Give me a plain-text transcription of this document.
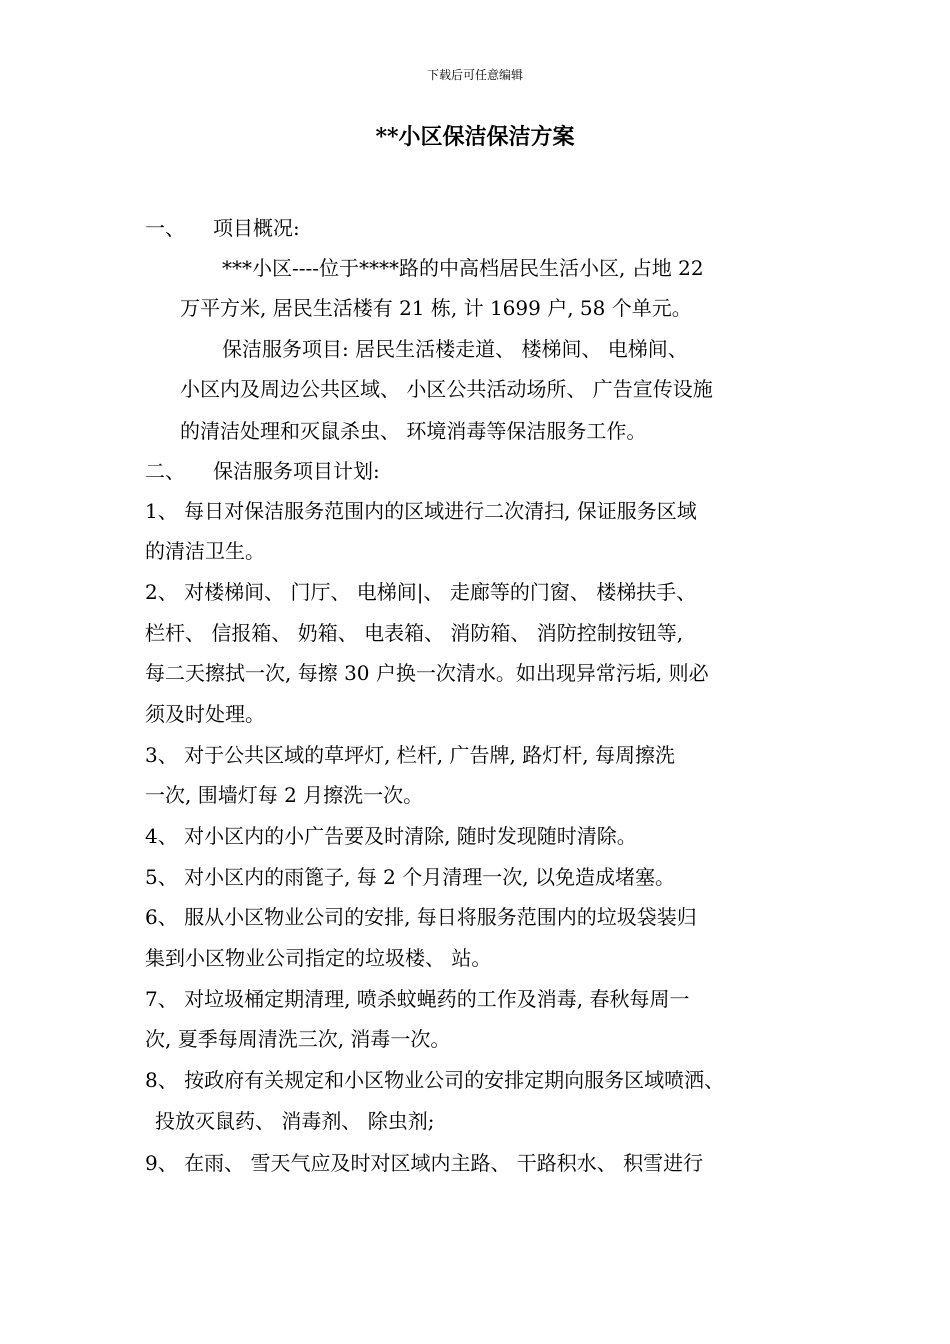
下载后可任意编辑
**小区保洁保洁方案
一、 项目概况:
***小区----位于****路的中高档居民生活小区, 占地 22
万平方米, 居民生活楼有 21 栋, 计 1699 户, 58 个单元。
保洁服务项目: 居民生活楼走道、 楼梯间、 电梯间、
小区内及周边公共区域、 小区公共活动场所、 广告宣传设施
的清洁处理和灭鼠杀虫、 环境消毒等保洁服务工作。
二、 保洁服务项目计划:
1、 每日对保洁服务范围内的区域进行二次清扫, 保证服务区域
的清洁卫生。
2、 对楼梯间、 门厅、 电梯间|、 走廊等的门窗、 楼梯扶手、
栏杆、 信报箱、 奶箱、 电表箱、 消防箱、 消防控制按钮等,
每二天擦拭一次, 每擦 30 户换一次清水。如出现异常污垢, 则必
须及时处理。
3、 对于公共区域的草坪灯, 栏杆, 广告牌, 路灯杆, 每周擦洗
一次, 围墙灯每 2 月擦洗一次。
4、 对小区内的小广告要及时清除, 随时发现随时清除。
5、 对小区内的雨篦子, 每 2 个月清理一次, 以免造成堵塞。
6、 服从小区物业公司的安排, 每日将服务范围内的垃圾袋装归
集到小区物业公司指定的垃圾楼、 站。
7、 对垃圾桶定期清理, 喷杀蚊蝇药的工作及消毒, 春秋每周一
次, 夏季每周清洗三次, 消毒一次。
8、 按政府有关规定和小区物业公司的安排定期向服务区域喷洒、
投放灭鼠药、 消毒剂、 除虫剂;
9、 在雨、 雪天气应及时对区域内主路、 干路积水、 积雪进行
